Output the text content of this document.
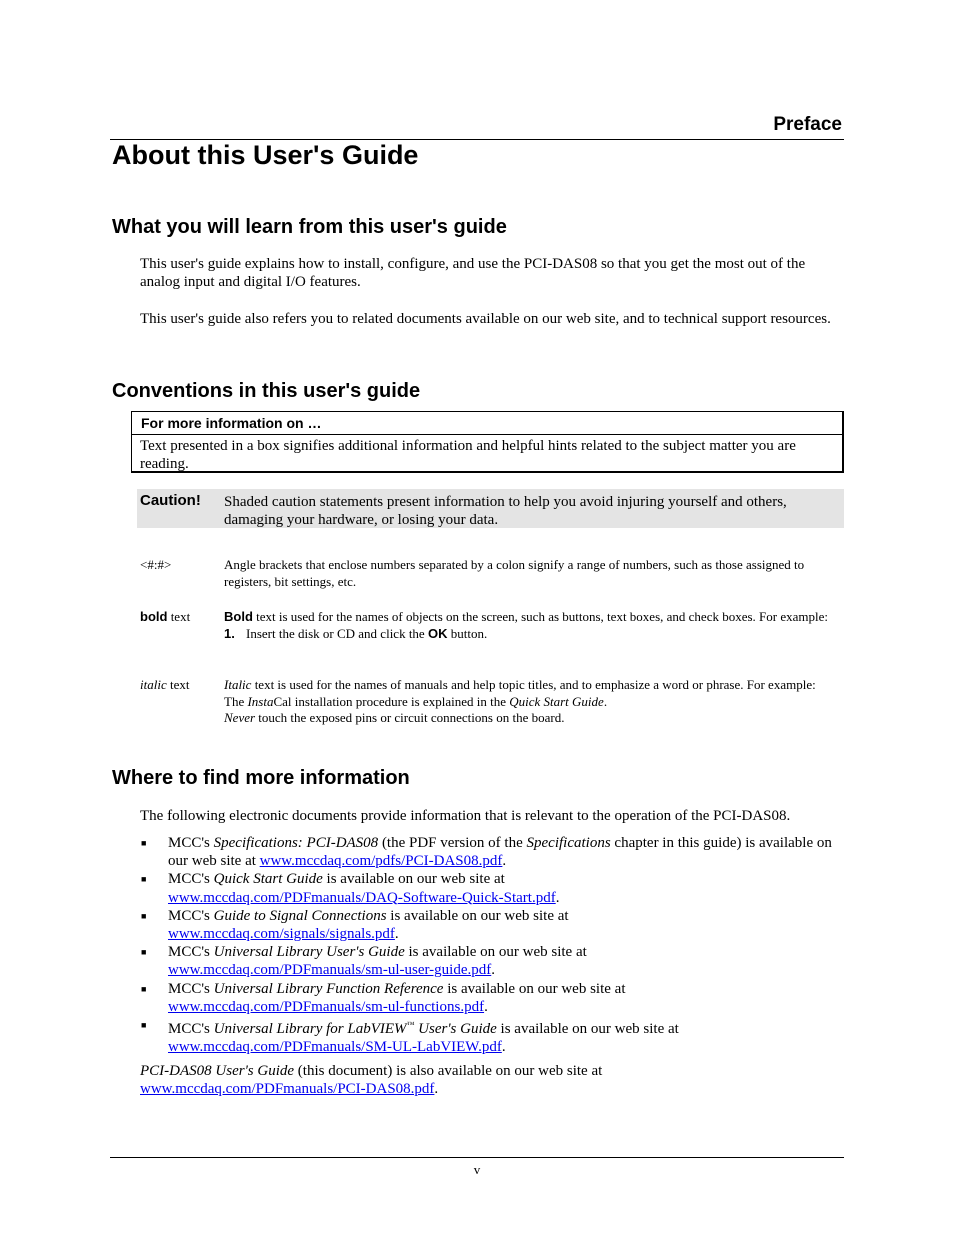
Preface
About this User's Guide
What you will learn from this user's guide

This user's guide explains how to install, configure, and use the PCI-DAS08 so that you get the most out of the analog input and digital I/O features.

This user's guide also refers you to related documents available on our web site, and to technical support resources.

Conventions in this user's guide
For more information on …
Text presented in a box signifies additional information and helpful hints related to the subject matter you are reading.
Caution! Shaded caution statements present information to help you avoid injuring yourself and others, damaging your hardware, or losing your data.
<#:#>	Angle brackets that enclose numbers separated by a colon signify a range of numbers, such as those assigned to registers, bit settings, etc.
bold text	Bold text is used for the names of objects on the screen, such as buttons, text boxes, and check boxes. For example:
1. Insert the disk or CD and click the OK button.
italic text	Italic text is used for the names of manuals and help topic titles, and to emphasize a word or phrase. For example:
The InstaCal installation procedure is explained in the Quick Start Guide.
Never touch the exposed pins or circuit connections on the board.
Where to find more information

The following electronic documents provide information that is relevant to the operation of the PCI-DAS08.

■ MCC's Specifications: PCI-DAS08 (the PDF version of the Specifications chapter in this guide) is available on our web site at www.mccdaq.com/pdfs/PCI-DAS08.pdf.
■ MCC's Quick Start Guide is available on our web site at
www.mccdaq.com/PDFmanuals/DAQ-Software-Quick-Start.pdf.
■ MCC's Guide to Signal Connections is available on our web site at
www.mccdaq.com/signals/signals.pdf.
■ MCC's Universal Library User's Guide is available on our web site at
www.mccdaq.com/PDFmanuals/sm-ul-user-guide.pdf.
■ MCC's Universal Library Function Reference is available on our web site at
www.mccdaq.com/PDFmanuals/sm-ul-functions.pdf.
■ MCC's Universal Library for LabVIEW™ User's Guide is available on our web site at
www.mccdaq.com/PDFmanuals/SM-UL-LabVIEW.pdf.

PCI-DAS08 User's Guide (this document) is also available on our web site at
www.mccdaq.com/PDFmanuals/PCI-DAS08.pdf.

v
